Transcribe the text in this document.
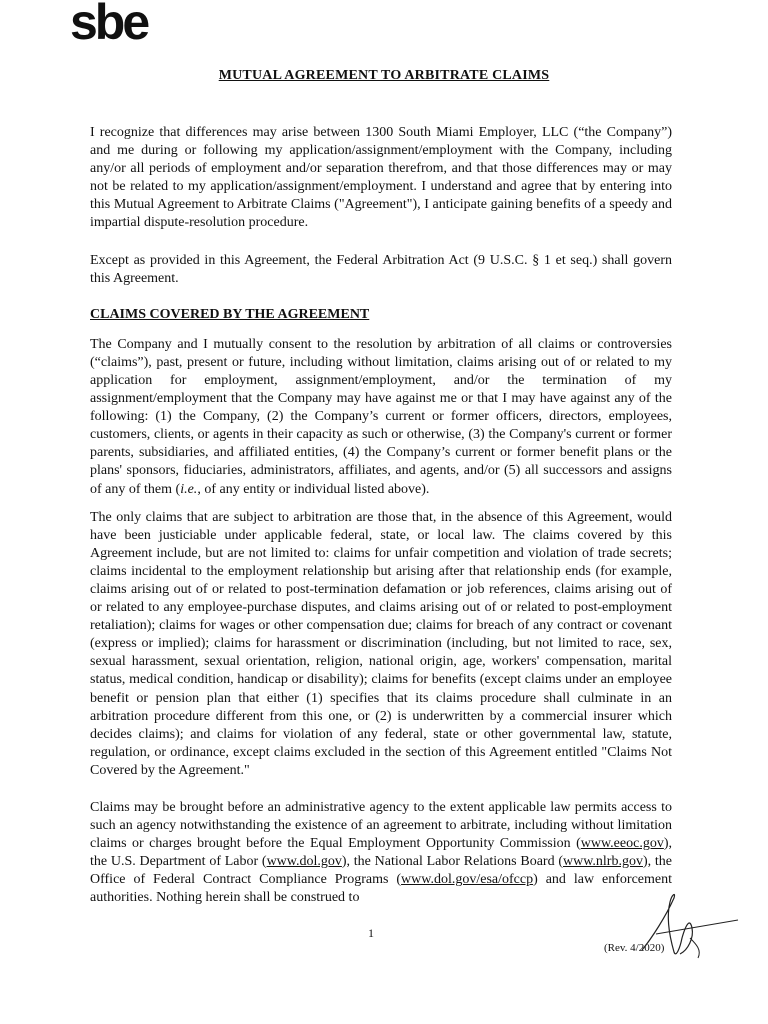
sbe
MUTUAL AGREEMENT TO ARBITRATE CLAIMS

I recognize that differences may arise between 1300 South Miami Employer, LLC (“the Company”) and me during or following my application/assignment/employment with the Company, including any/or all periods of employment and/or separation therefrom, and that those differences may or may not be related to my application/assignment/employment. I understand and agree that by entering into this Mutual Agreement to Arbitrate Claims ("Agreement"), I anticipate gaining benefits of a speedy and impartial dispute-resolution procedure.

Except as provided in this Agreement, the Federal Arbitration Act (9 U.S.C. § 1 et seq.) shall govern this Agreement.

CLAIMS COVERED BY THE AGREEMENT

The Company and I mutually consent to the resolution by arbitration of all claims or controversies (“claims”), past, present or future, including without limitation, claims arising out of or related to my application for employment, assignment/employment, and/or the termination of my assignment/employment that the Company may have against me or that I may have against any of the following: (1) the Company, (2) the Company’s current or former officers, directors, employees, customers, clients, or agents in their capacity as such or otherwise, (3) the Company's current or former parents, subsidiaries, and affiliated entities, (4) the Company’s current or former benefit plans or the plans' sponsors, fiduciaries, administrators, affiliates, and agents, and/or (5) all successors and assigns of any of them (i.e., of any entity or individual listed above).

The only claims that are subject to arbitration are those that, in the absence of this Agreement, would have been justiciable under applicable federal, state, or local law. The claims covered by this Agreement include, but are not limited to: claims for unfair competition and violation of trade secrets; claims incidental to the employment relationship but arising after that relationship ends (for example, claims arising out of or related to post-termination defamation or job references, claims arising out of or related to any employee-purchase disputes, and claims arising out of or related to post-employment retaliation); claims for wages or other compensation due; claims for breach of any contract or covenant (express or implied); claims for harassment or discrimination (including, but not limited to race, sex, sexual harassment, sexual orientation, religion, national origin, age, workers' compensation, marital status, medical condition, handicap or disability); claims for benefits (except claims under an employee benefit or pension plan that either (1) specifies that its claims procedure shall culminate in an arbitration procedure different from this one, or (2) is underwritten by a commercial insurer which decides claims); and claims for violation of any federal, state or other governmental law, statute, regulation, or ordinance, except claims excluded in the section of this Agreement entitled "Claims Not Covered by the Agreement."

Claims may be brought before an administrative agency to the extent applicable law permits access to such an agency notwithstanding the existence of an agreement to arbitrate, including without limitation claims or charges brought before the Equal Employment Opportunity Commission (www.eeoc.gov), the U.S. Department of Labor (www.dol.gov), the National Labor Relations Board (www.nlrb.gov), the Office of Federal Contract Compliance Programs (www.dol.gov/esa/ofccp) and law enforcement authorities. Nothing herein shall be construed to

1
(Rev. 4/2020)
